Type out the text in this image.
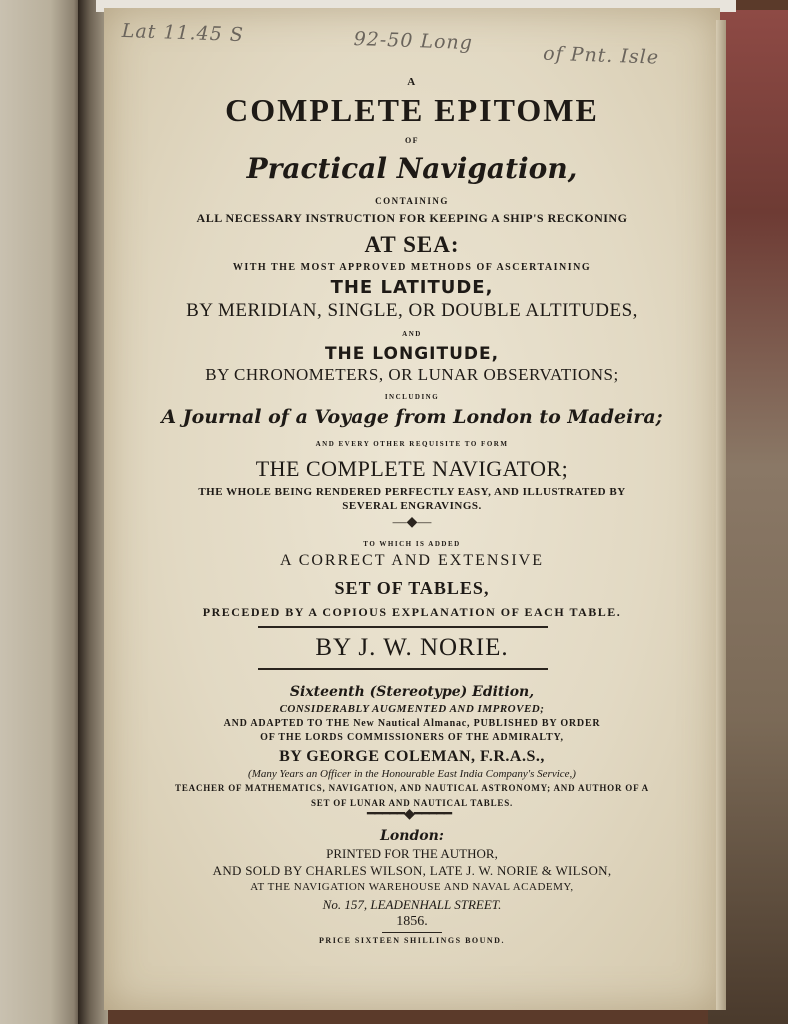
Lat 11.45 S	92-50 Long
of Pnt. Isle
A
COMPLETE EPITOME
OF
Practical Navigation,
CONTAINING
ALL NECESSARY INSTRUCTION FOR KEEPING A SHIP'S RECKONING
AT SEA:
WITH THE MOST APPROVED METHODS OF ASCERTAINING
THE LATITUDE,
BY MERIDIAN, SINGLE, OR DOUBLE ALTITUDES,
AND
THE LONGITUDE,
BY CHRONOMETERS, OR LUNAR OBSERVATIONS;
INCLUDING
A Journal of a Voyage from London to Madeira;
AND EVERY OTHER REQUISITE TO FORM
THE COMPLETE NAVIGATOR;
THE WHOLE BEING RENDERED PERFECTLY EASY, AND ILLUSTRATED BY
SEVERAL ENGRAVINGS.
—◆—
TO WHICH IS ADDED
A CORRECT AND EXTENSIVE
SET OF TABLES,
PRECEDED BY A COPIOUS EXPLANATION OF EACH TABLE.
BY J. W. NORIE.
Sixteenth (Stereotype) Edition,
CONSIDERABLY AUGMENTED AND IMPROVED;
AND ADAPTED TO THE New Nautical Almanac, PUBLISHED BY ORDER
OF THE LORDS COMMISSIONERS OF THE ADMIRALTY,
BY GEORGE COLEMAN, F.R.A.S.,
(Many Years an Officer in the Honourable East India Company's Service,)
TEACHER OF MATHEMATICS, NAVIGATION, AND NAUTICAL ASTRONOMY; AND AUTHOR OF A
SET OF LUNAR AND NAUTICAL TABLES.
━━━━━◆━━━━━
London:
PRINTED FOR THE AUTHOR,
AND SOLD BY CHARLES WILSON, LATE J. W. NORIE & WILSON,
AT THE NAVIGATION WAREHOUSE AND NAVAL ACADEMY,
No. 157, LEADENHALL STREET.
1856.
PRICE SIXTEEN SHILLINGS BOUND.
